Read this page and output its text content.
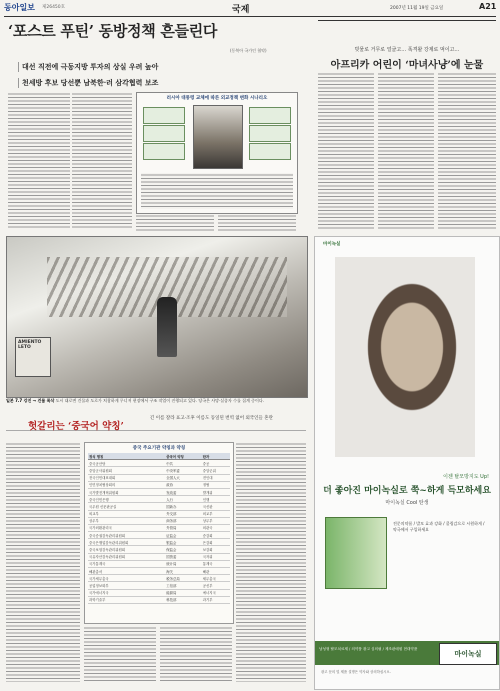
동아일보 제26450호	국제	2007년 11월 19일 금요일	A21
‘포스트 푸틴’ 동방정책 흔들린다
(동북아 국가인 협약)
대선 직전에 극동지방 투자의 상실 우려 높아
천세방 후보 당선뿐 남북한·러 삼각협력 보조
러시아 대통령 교체에 따른 외교정책 변화 시나리오
빗물로 거무로 얼굴고… 폭격왈 강제로 먹이고…
아프리카 어린이 ‘마녀사냥’에 눈물
AMIENTO LETO
일본 7.7 강진 → 건물 폭삭 도시 대로변 건물과 도로가 처참하게 무너져 현장에서 구조 작업이 진행되고 있다. 당국은 사망·실종자 수를 집계 중이다.
헛갈리는 ‘중국어 약칭’
긴 이름 잘라 표고·조후 이름도 동일된 번역 없어 외국인들 혼란
중국 주요기관 약칭과 약칭
정식 명칭	중국어 약칭	한자
중국공산당	中共	중공
중앙군사위원회	中央军委	중앙군위
전국인민대표대회	全国人大	전인대
인민정치협상회의	政协	정협
국가발전개혁위원회	发改委	발개위
중국인민은행	人行	인행
국무원 신문판공실	国新办	국신판
외교부	外交部	외교부
상무부	商务部	상무부
국가외환관리국	外管局	외관국
중국증권감독관리위원회	证监会	증감회
중국은행업감독관리위원회	银监会	은감회
중국보험감독관리위원회	保监会	보감회
국유자산감독관리위원회	国资委	국자위
국가통계국	统计局	통계국
해관총서	海关	해관
국가세무총국	税务总局	세무총국
공업정보화부	工信部	공신부
국가에너지국	能源局	에너지국
과학기술부	科技部	과기부
마이녹실
이젠 탈모방지도 Up!
더 좋아진 마이녹실로 쭉~하게 득모하세요
마이녹실 Cool 탄생
전문의약품 / 발모 효과 강화 / 쿨링감으로 시원하게 / 약국에서 구입하세요
남성형 탈모치료제 / 의약품 광고 심의필 / 제조판매원 현대약품	마이녹실
광고 문의 및 제품 설명은 약사와 상의하십시오.
